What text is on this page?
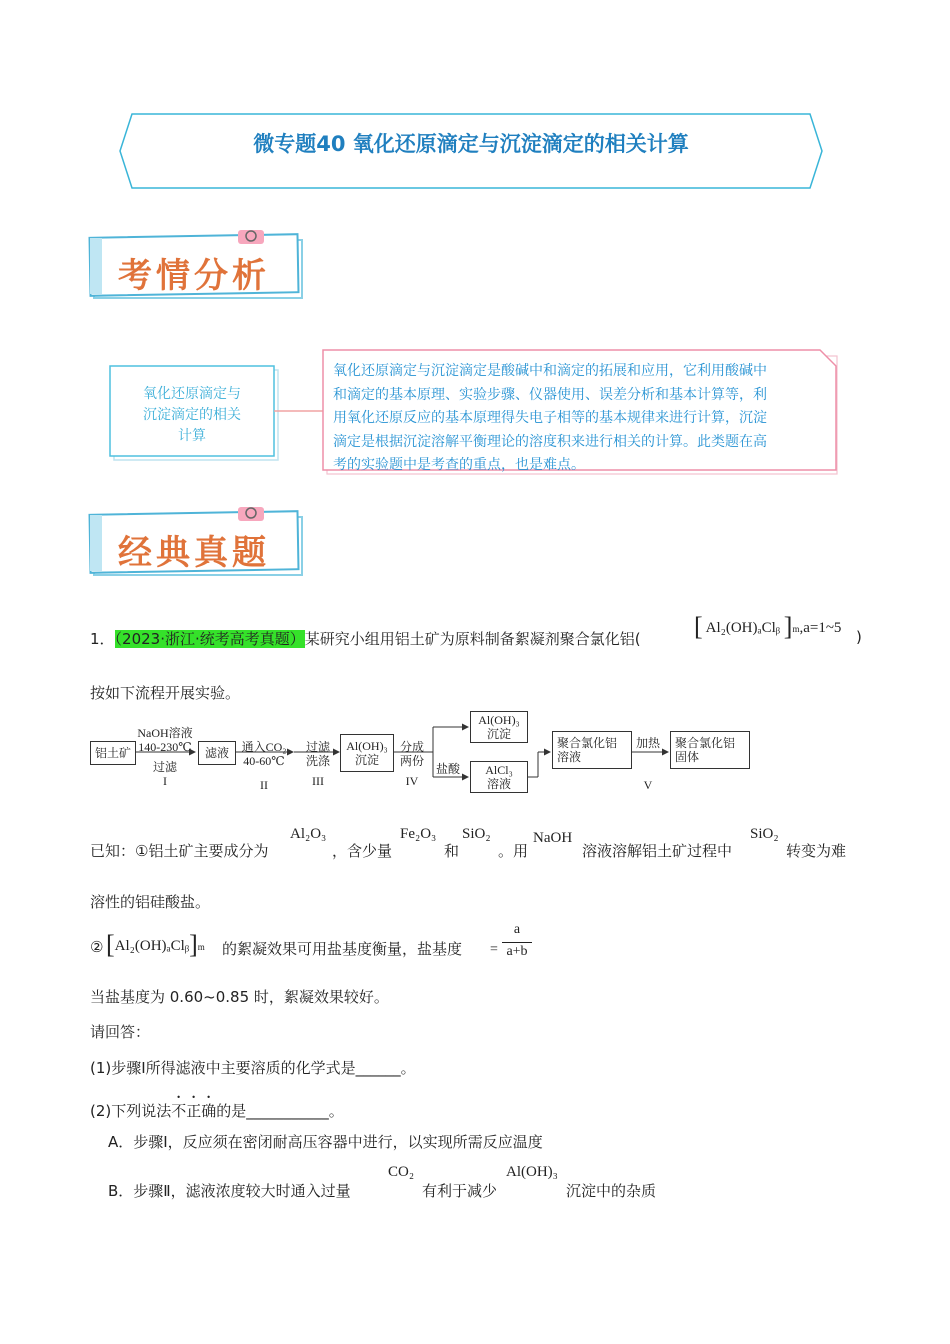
微专题40 氧化还原滴定与沉淀滴定的相关计算
考情分析
氧化还原滴定与
沉淀滴定的相关
计算
氧化还原滴定与沉淀滴定是酸碱中和滴定的拓展和应用，它利用酸碱中
和滴定的基本原理、实验步骤、仪器使用、误差分析和基本计算等，利
用氧化还原反应的基本原理得失电子相等的基本规律来进行计算，沉淀
滴定是根据沉淀溶解平衡理论的溶度积来进行相关的计算。此类题在高
考的实验题中是考查的重点，也是难点。
经典真题
1．（2023·浙江·统考高考真题）某研究小组用铝土矿为原料制备絮凝剂聚合氯化铝( [ Al₂(OH)ₐClᵦ ]m,a=1~5 )
按如下流程开展实验。
铝土矿	滤液	Al(OH)₃
沉淀
Al(OH)₃
沉淀
AlCl₃
溶液
聚合氯化铝
溶液
聚合氯化铝
固体
NaOH溶液
140-230℃
过滤
I
通入CO₂
40-60℃
II
过滤
洗涤
III
分成
两份
IV
盐酸
加热
V
已知：①铝土矿主要成分为
Al₂O₃
，含少量
Fe₂O₃
和
SiO₂
。用
NaOH
溶液溶解铝土矿过程中
SiO₂
转变为难
溶性的铝硅酸盐。
② [Al₂(OH)ₐClᵦ]m 的絮凝效果可用盐基度衡量，盐基度 =
a
a+b
当盐基度为 0.60~0.85 时，絮凝效果较好。
请回答：
(1)步骤Ⅰ所得滤液中主要溶质的化学式是______。
(2)下列说法不正确的是___________。
A．步骤Ⅰ，反应须在密闭耐高压容器中进行，以实现所需反应温度
B．步骤Ⅱ，滤液浓度较大时通入过量
CO₂
有利于减少
Al(OH)₃
沉淀中的杂质
